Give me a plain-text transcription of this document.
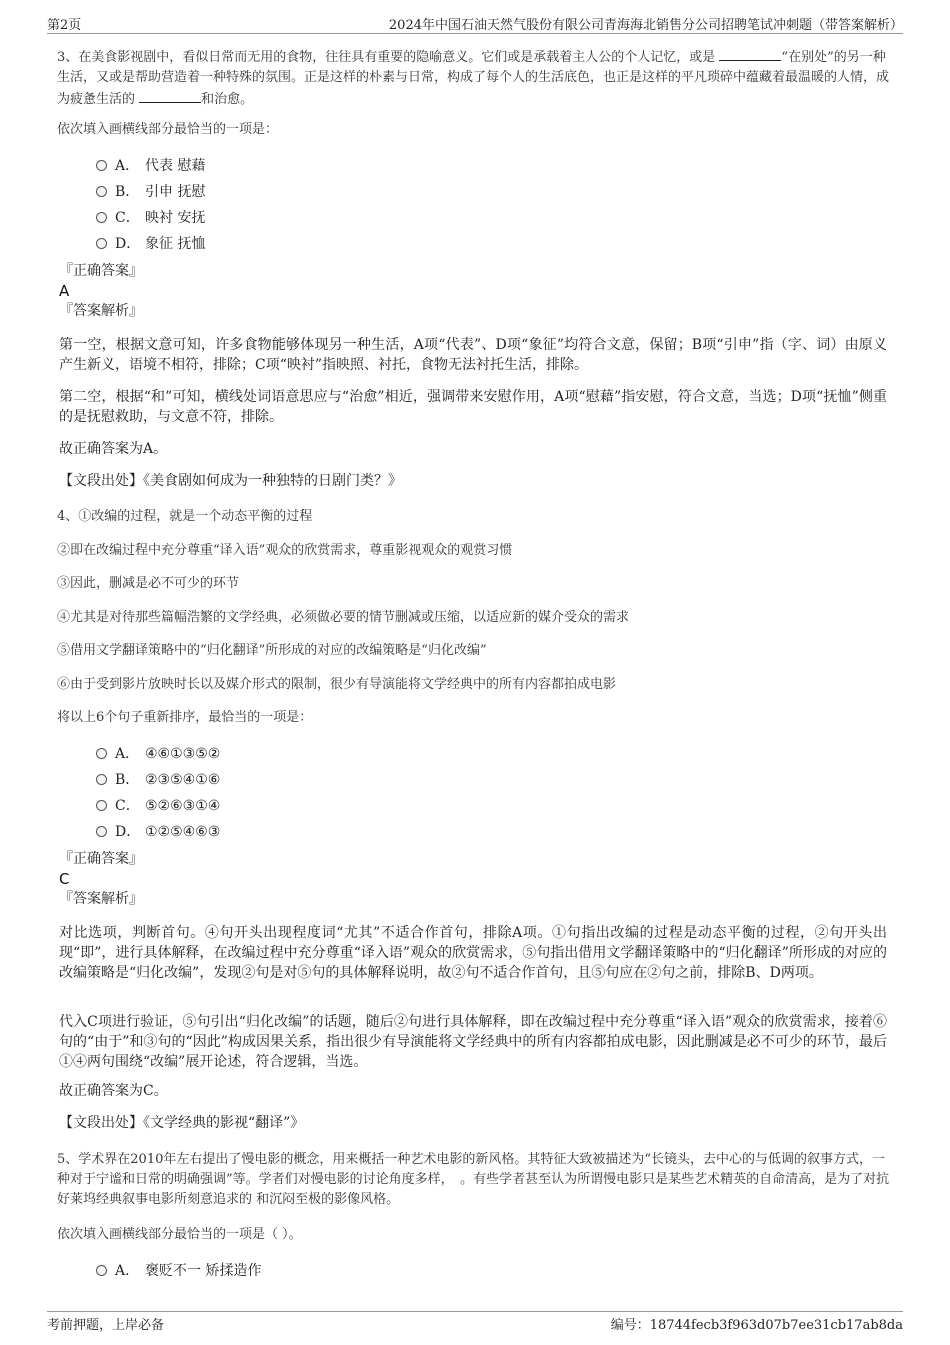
第2页	2024年中国石油天然气股份有限公司青海海北销售分公司招聘笔试冲刺题（带答案解析）
3、在美食影视剧中，看似日常而无用的食物，往往具有重要的隐喻意义。它们或是承载着主人公的个人记忆，或是	“在别处”的另一种生活，又或是帮助营造着一种特殊的氛围。正是这样的朴素与日常，构成了每个人的生活底色，也正是这样的平凡琐碎中蕴藏着最温暖的人情，成为疲惫生活的	和治愈。
依次填入画横线部分最恰当的一项是：
A． 代表 慰藉
B． 引申 抚慰
C． 映衬 安抚
D． 象征 抚恤
『正确答案』
A
『答案解析』
第一空，根据文意可知，许多食物能够体现另一种生活，A项“代表”、D项“象征”均符合文意，保留；B项“引申”指（字、词）由原义产生新义，语境不相符，排除；C项“映衬”指映照、衬托，食物无法衬托生活，排除。
第二空，根据“和”可知，横线处词语意思应与“治愈”相近，强调带来安慰作用，A项“慰藉”指安慰，符合文意，当选；D项“抚恤”侧重的是抚慰救助，与文意不符，排除。
故正确答案为A。
【文段出处】《美食剧如何成为一种独特的日剧门类？》
4、①改编的过程，就是一个动态平衡的过程
②即在改编过程中充分尊重“译入语”观众的欣赏需求，尊重影视观众的观赏习惯
③因此，删减是必不可少的环节
④尤其是对待那些篇幅浩繁的文学经典，必须做必要的情节删减或压缩，以适应新的媒介受众的需求
⑤借用文学翻译策略中的“归化翻译”所形成的对应的改编策略是“归化改编”
⑥由于受到影片放映时长以及媒介形式的限制，很少有导演能将文学经典中的所有内容都拍成电影
将以上6个句子重新排序，最恰当的一项是：
A． ④⑥①③⑤②
B． ②③⑤④①⑥
C． ⑤②⑥③①④
D． ①②⑤④⑥③
『正确答案』
C
『答案解析』
对比选项，判断首句。④句开头出现程度词“尤其”不适合作首句，排除A项。①句指出改编的过程是动态平衡的过程，②句开头出现“即”，进行具体解释，在改编过程中充分尊重“译入语”观众的欣赏需求，⑤句指出借用文学翻译策略中的“归化翻译”所形成的对应的改编策略是“归化改编”，发现②句是对⑤句的具体解释说明，故②句不适合作首句，且⑤句应在②句之前，排除B、D两项。
代入C项进行验证，⑤句引出“归化改编”的话题，随后②句进行具体解释，即在改编过程中充分尊重“译入语”观众的欣赏需求，接着⑥句的“由于”和③句的“因此”构成因果关系，指出很少有导演能将文学经典中的所有内容都拍成电影，因此删减是必不可少的环节，最后①④两句围绕“改编”展开论述，符合逻辑，当选。
故正确答案为C。
【文段出处】《文学经典的影视“翻译”》
5、学术界在2010年左右提出了慢电影的概念，用来概括一种艺术电影的新风格。其特征大致被描述为“长镜头，去中心的与低调的叙事方式，一种对于宁谧和日常的明确强调”等。学者们对慢电影的讨论角度多样，　。有些学者甚至认为所谓慢电影只是某些艺术精英的自命清高，是为了对抗好莱坞经典叙事电影所刻意追求的 和沉闷至极的影像风格。
依次填入画横线部分最恰当的一项是（ ）。
A． 褒贬不一 矫揉造作
考前押题，上岸必备	编号：18744fecb3f963d07b7ee31cb17ab8da
